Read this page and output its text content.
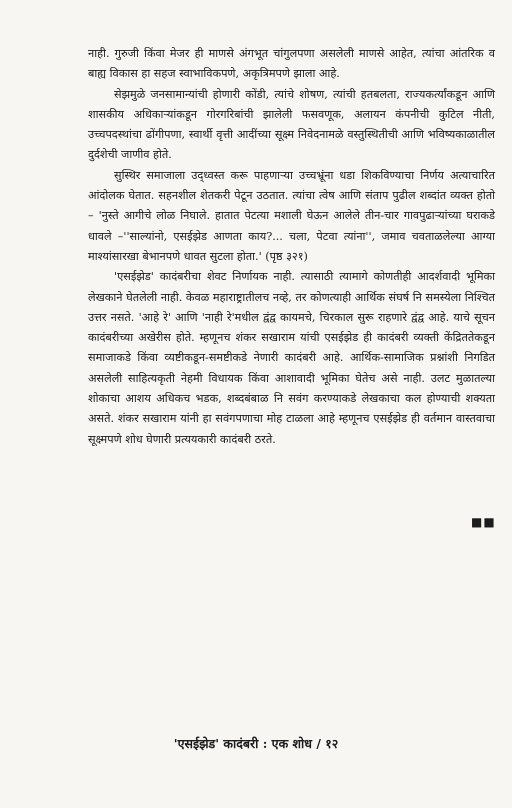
नाही. गुरुजी किंवा मेजर ही माणसे अंगभूत चांगुलपणा असलेली माणसे आहेत, त्यांचा आंतरिक व बाह्य विकास हा सहज स्वाभाविकपणे, अकृत्रिमपणे झाला आहे.

सेझमुळे जनसामान्यांची होणारी कोंडी, त्यांचे शोषण, त्यांची हतबलता, राज्यकर्त्यांकडून आणि शासकीय अधिकाऱ्यांकडून गोरगरिबांची झालेली फसवणूक, अलायन कंपनीची कुटिल नीती, उच्चपदस्थांचा ढोंगीपणा, स्वार्थी वृत्ती आदींच्या सूक्ष्म निवेदनामळे वस्तुस्थितीची आणि भविष्यकाळातील दुर्दशेची जाणीव होते.

सुस्थिर समाजाला उद्‌ध्वस्त करू पाहणाऱ्या उच्चभ्रूंना धडा शिकविण्याचा निर्णय अत्याचारित आंदोलक घेतात. सहनशील शेतकरी पेटून उठतात. त्यांचा त्वेष आणि संताप पुढील शब्दांत व्यक्त होतो – 'नुस्ते आगीचे लोळ निघाले. हातात पेटत्या मशाली घेऊन आलेले तीन-चार गावपुढाऱ्यांच्या घराकडे धावले –''साल्यांनो, एसईझेड आणता काय?... चला, पेटवा त्यांना'', जमाव चवताळलेल्या आग्या माश्यांसारखा बेभानपणे धावत सुटला होता.' (पृष्ठ ३२१)

'एसईझेड' कादंबरीचा शेवट निर्णायक नाही. त्यासाठी त्यामागे कोणतीही आदर्शवादी भूमिका लेखकाने घेतलेली नाही. केवळ महाराष्ट्रातीलच नव्हे, तर कोणत्याही आर्थिक संघर्ष नि समस्येला निश्चित उत्तर नसते. 'आहे रे' आणि 'नाही रे'मधील द्वंद्व कायमचे, चिरकाल सुरू राहणारे द्वंद्व आहे. याचे सूचन कादंबरीच्या अखेरीस होते. म्हणूनच शंकर सखाराम यांची एसईझेड ही कादंबरी व्यक्ती केंद्रिततेकडून समाजाकडे किंवा व्यष्टीकडून-समष्टीकडे नेणारी कादंबरी आहे. आर्थिक-सामाजिक प्रश्नांशी निगडित असलेली साहित्यकृती नेहमी विधायक किंवा आशावादी भूमिका घेतेच असे नाही. उलट मुळातल्या शोकाचा आशय अधिकच भडक, शब्दबंबाळ नि सवंग करण्याकडे लेखकाचा कल होण्याची शक्यता असते. शंकर सखाराम यांनी हा सवंगपणाचा मोह टाळला आहे म्हणूनच एसईझेड ही वर्तमान वास्तवाचा सूक्ष्मपणे शोध घेणारी प्रत्ययकारी कादंबरी ठरते.

■■
'एसईझेड' कादंबरी : एक शोध / १२
